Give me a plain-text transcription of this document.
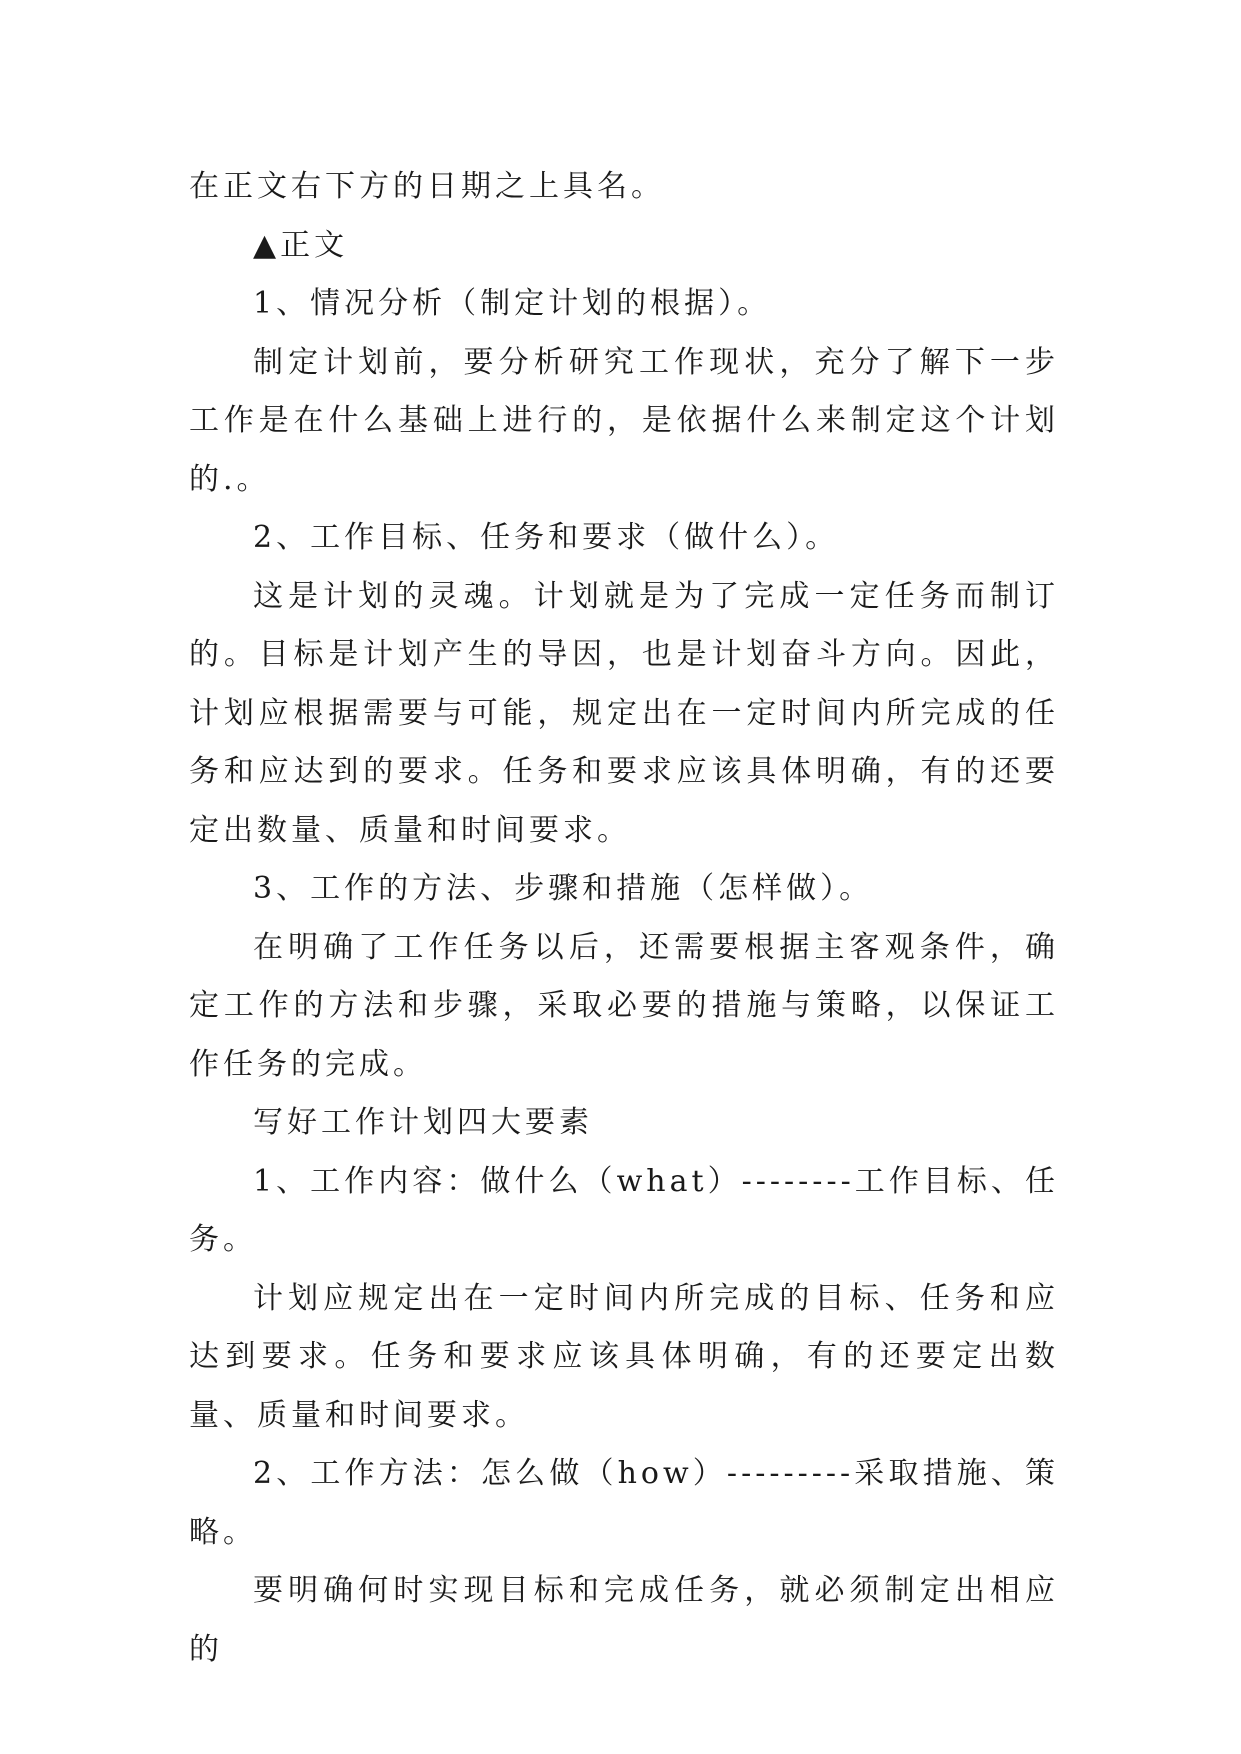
在正文右下方的日期之上具名。

▲正文

1、情况分析（制定计划的根据）。

制定计划前，要分析研究工作现状，充分了解下一步工作是在什么基础上进行的，是依据什么来制定这个计划的.。

2、工作目标、任务和要求（做什么）。

这是计划的灵魂。计划就是为了完成一定任务而制订的。目标是计划产生的导因，也是计划奋斗方向。因此，计划应根据需要与可能，规定出在一定时间内所完成的任务和应达到的要求。任务和要求应该具体明确，有的还要定出数量、质量和时间要求。

3、工作的方法、步骤和措施（怎样做）。

在明确了工作任务以后，还需要根据主客观条件，确定工作的方法和步骤，采取必要的措施与策略，以保证工作任务的完成。

写好工作计划四大要素

1、工作内容：做什么（what）--------工作目标、任务。

计划应规定出在一定时间内所完成的目标、任务和应达到要求。任务和要求应该具体明确，有的还要定出数量、质量和时间要求。

2、工作方法：怎么做（how）---------采取措施、策略。

要明确何时实现目标和完成任务，就必须制定出相应的
